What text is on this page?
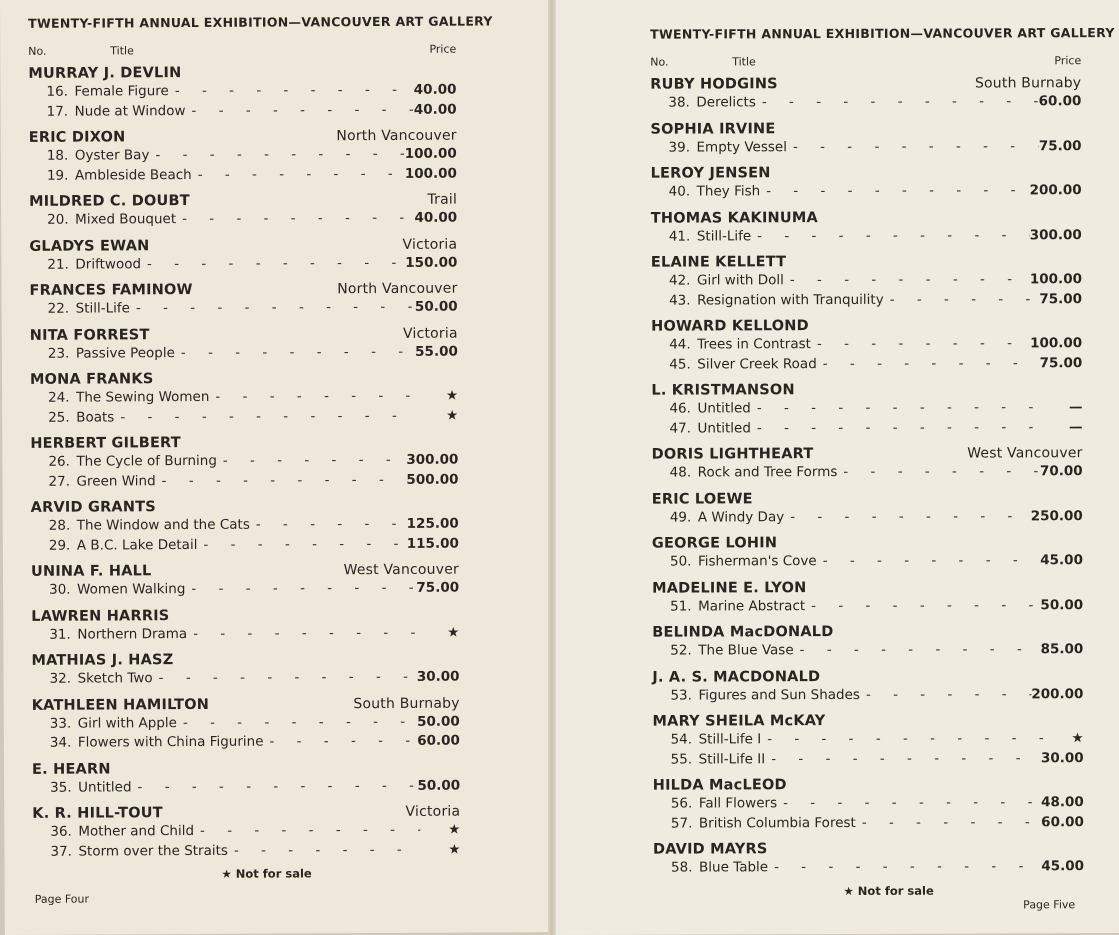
TWENTY-FIFTH ANNUAL EXHIBITION—VANCOUVER ART GALLERY
No.	Title	Price
MURRAY J. DEVLIN
16. Female Figure - - -	40.00
17. Nude at Window - - -	40.00
ERIC DIXON	North Vancouver
18. Oyster Bay - - -	100.00
19. Ambleside Beach - - -	100.00
MILDRED C. DOUBT	Trail
20. Mixed Bouquet - - -	40.00
GLADYS EWAN	Victoria
21. Driftwood - - -	150.00
FRANCES FAMINOW	North Vancouver
22. Still-Life - - -	50.00
NITA FORREST	Victoria
23. Passive People - - -	55.00
MONA FRANKS
24. The Sewing Women - - -	★
25. Boats - - -	★
HERBERT GILBERT
26. The Cycle of Burning - - -	300.00
27. Green Wind - - -	500.00
ARVID GRANTS
28. The Window and the Cats - - -	125.00
29. A B.C. Lake Detail - - -	115.00
UNINA F. HALL	West Vancouver
30. Women Walking - - -	75.00
LAWREN HARRIS
31. Northern Drama - - -	★
MATHIAS J. HASZ
32. Sketch Two - - -	30.00
KATHLEEN HAMILTON	South Burnaby
33. Girl with Apple - - -	50.00
34. Flowers with China Figurine - - -	60.00
E. HEARN
35. Untitled - - -	50.00
K. R. HILL-TOUT	Victoria
36. Mother and Child - - -	★
37. Storm over the Straits - - -	★
★ Not for sale
Page Four
TWENTY-FIFTH ANNUAL EXHIBITION—VANCOUVER ART GALLERY
No.	Title	Price
RUBY HODGINS	South Burnaby
38. Derelicts - - -	60.00
SOPHIA IRVINE
39. Empty Vessel - - -	75.00
LEROY JENSEN
40. They Fish - - -	200.00
THOMAS KAKINUMA
41. Still-Life - - -	300.00
ELAINE KELLETT
42. Girl with Doll - - -	100.00
43. Resignation with Tranquility - - -	75.00
HOWARD KELLOND
44. Trees in Contrast - - -	100.00
45. Silver Creek Road - - -	75.00
L. KRISTMANSON
46. Untitled - - -	—
47. Untitled - - -	—
DORIS LIGHTHEART	West Vancouver
48. Rock and Tree Forms - - -	70.00
ERIC LOEWE
49. A Windy Day - - -	250.00
GEORGE LOHIN
50. Fisherman's Cove - - -	45.00
MADELINE E. LYON
51. Marine Abstract - - -	50.00
BELINDA MacDONALD
52. The Blue Vase - - -	85.00
J. A. S. MACDONALD
53. Figures and Sun Shades - - -	200.00
MARY SHEILA McKAY
54. Still-Life I - - -	★
55. Still-Life II - - -	30.00
HILDA MacLEOD
56. Fall Flowers - - -	48.00
57. British Columbia Forest - - -	60.00
DAVID MAYRS
58. Blue Table - - -	45.00
★ Not for sale
Page Five
